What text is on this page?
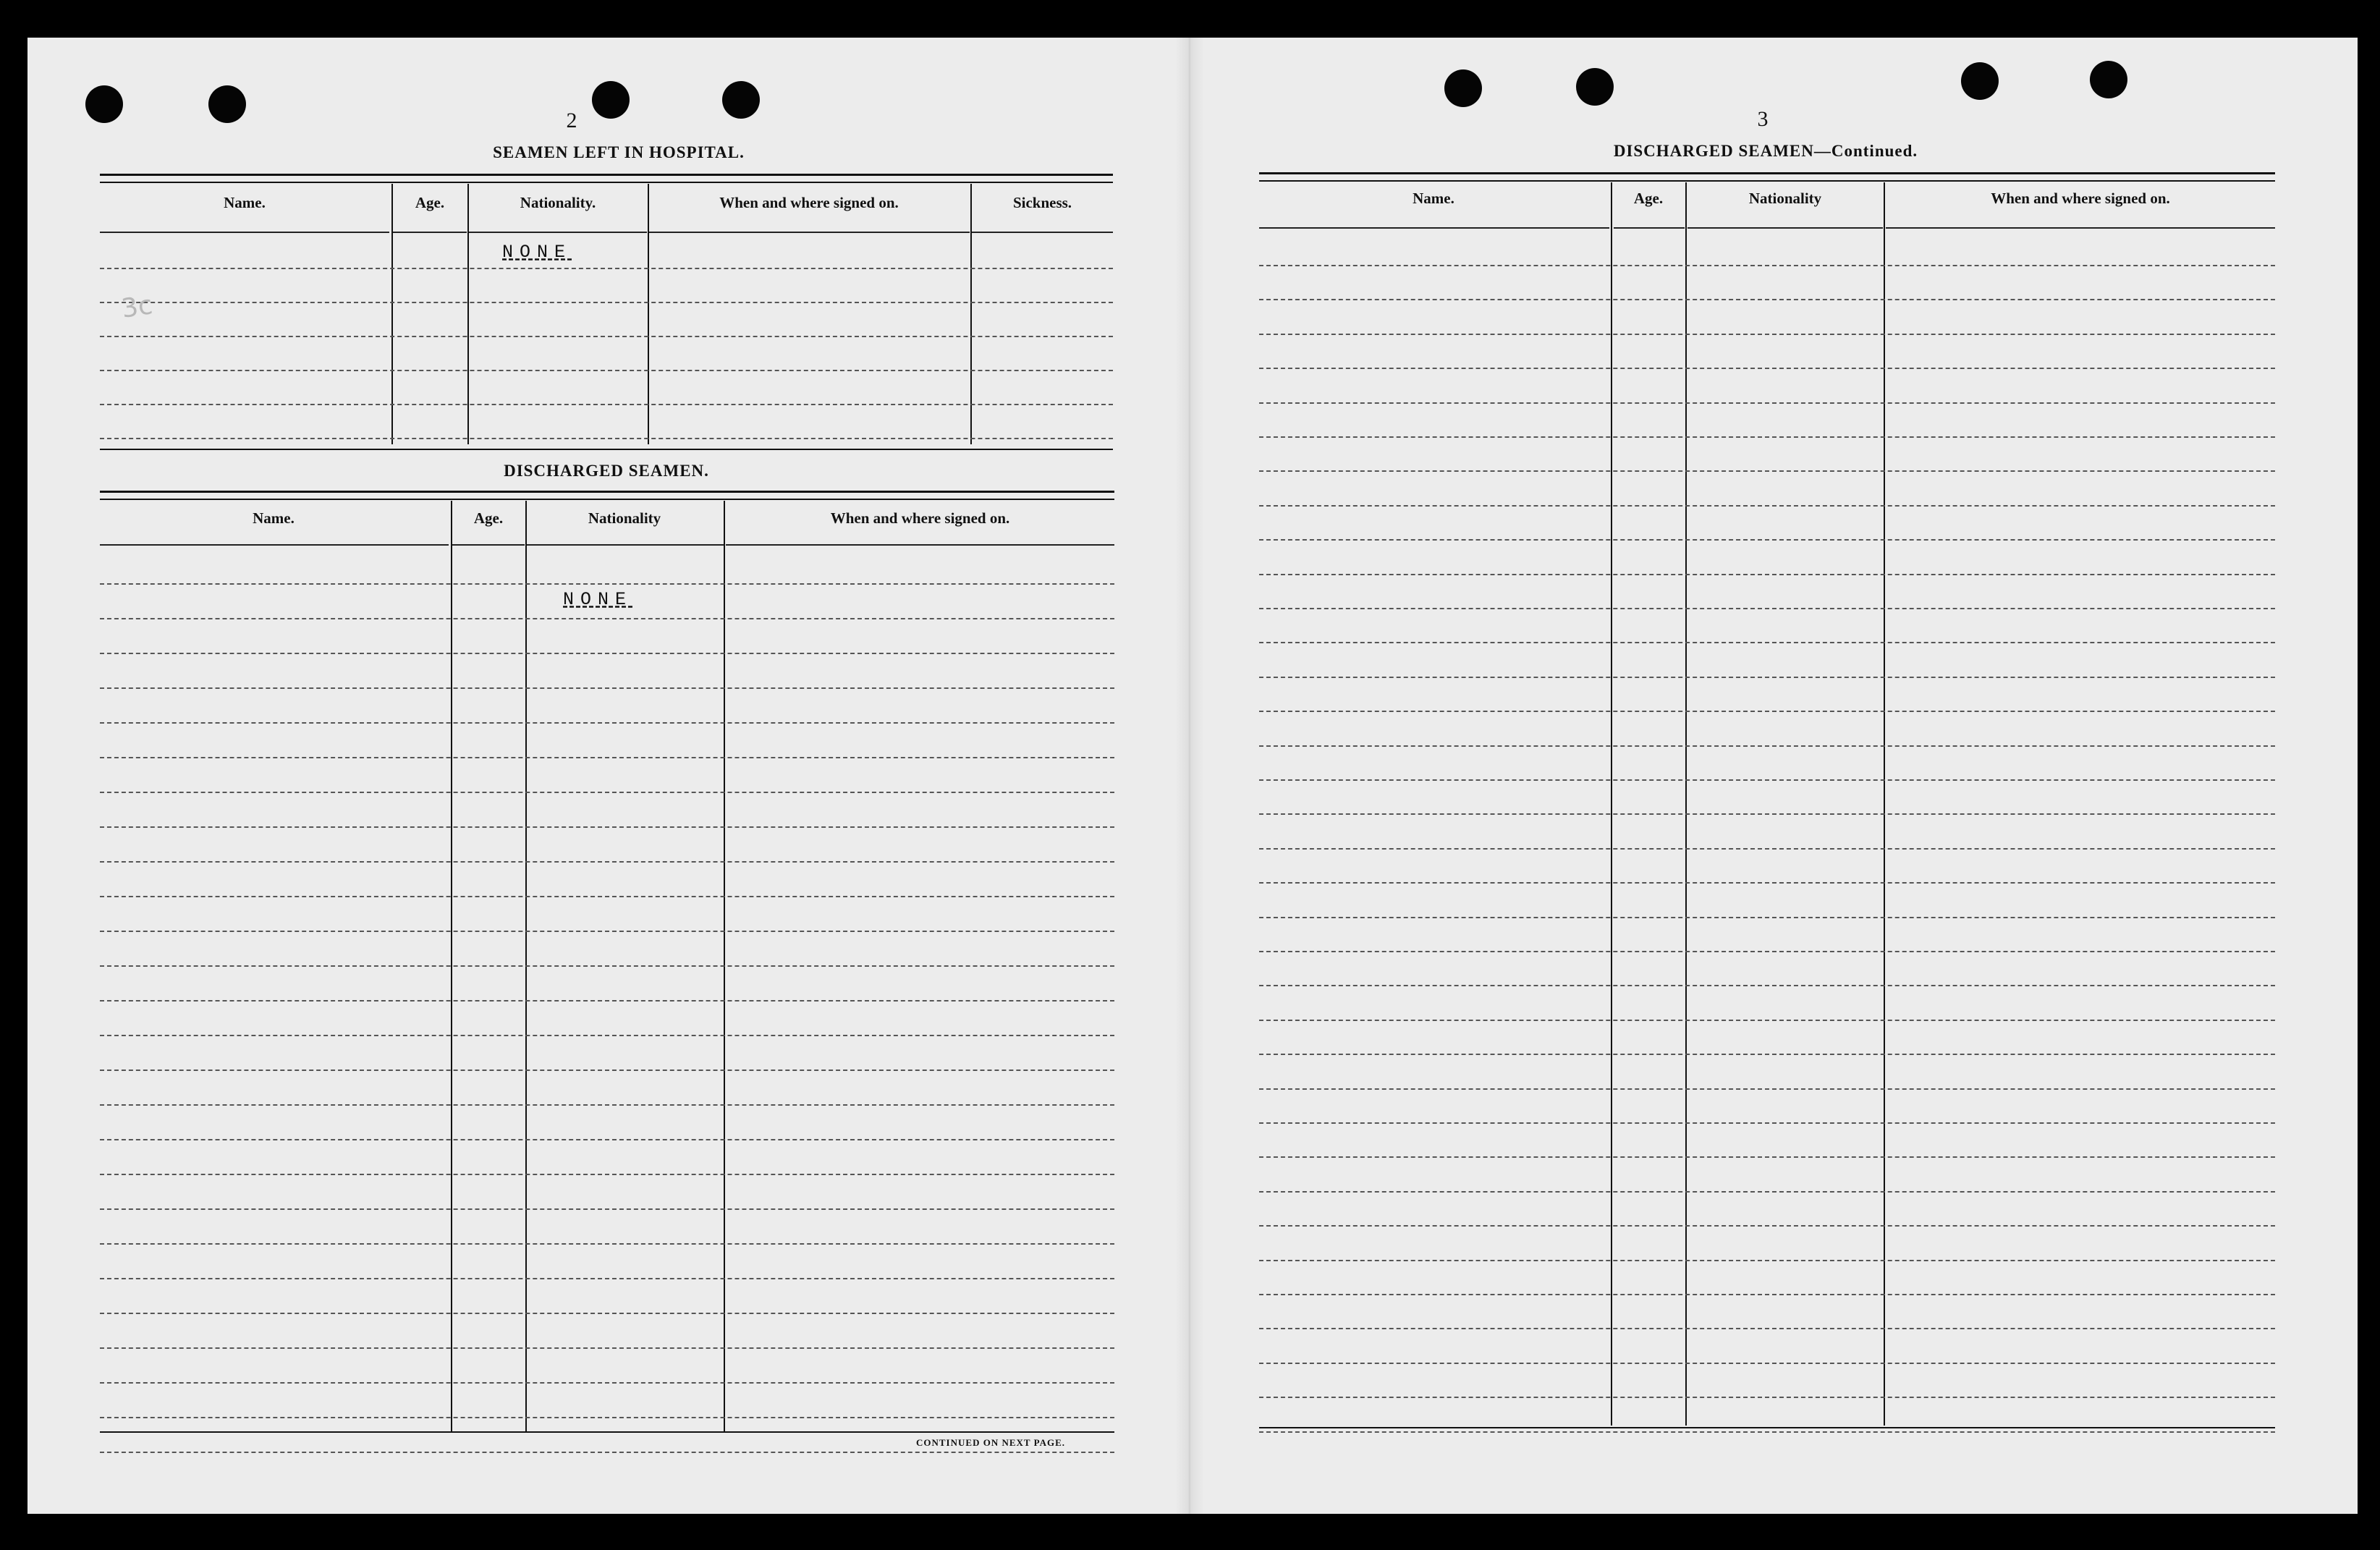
2
SEAMEN LEFT IN HOSPITAL.
Name.	Age.	Nationality.	When and where signed on.	Sickness.
NONE
3c
DISCHARGED SEAMEN.
Name.	Age.	Nationality	When and where signed on.
NONE
CONTINUED ON NEXT PAGE.
3
DISCHARGED SEAMEN—Continued.
Name.	Age.	Nationality	When and where signed on.
